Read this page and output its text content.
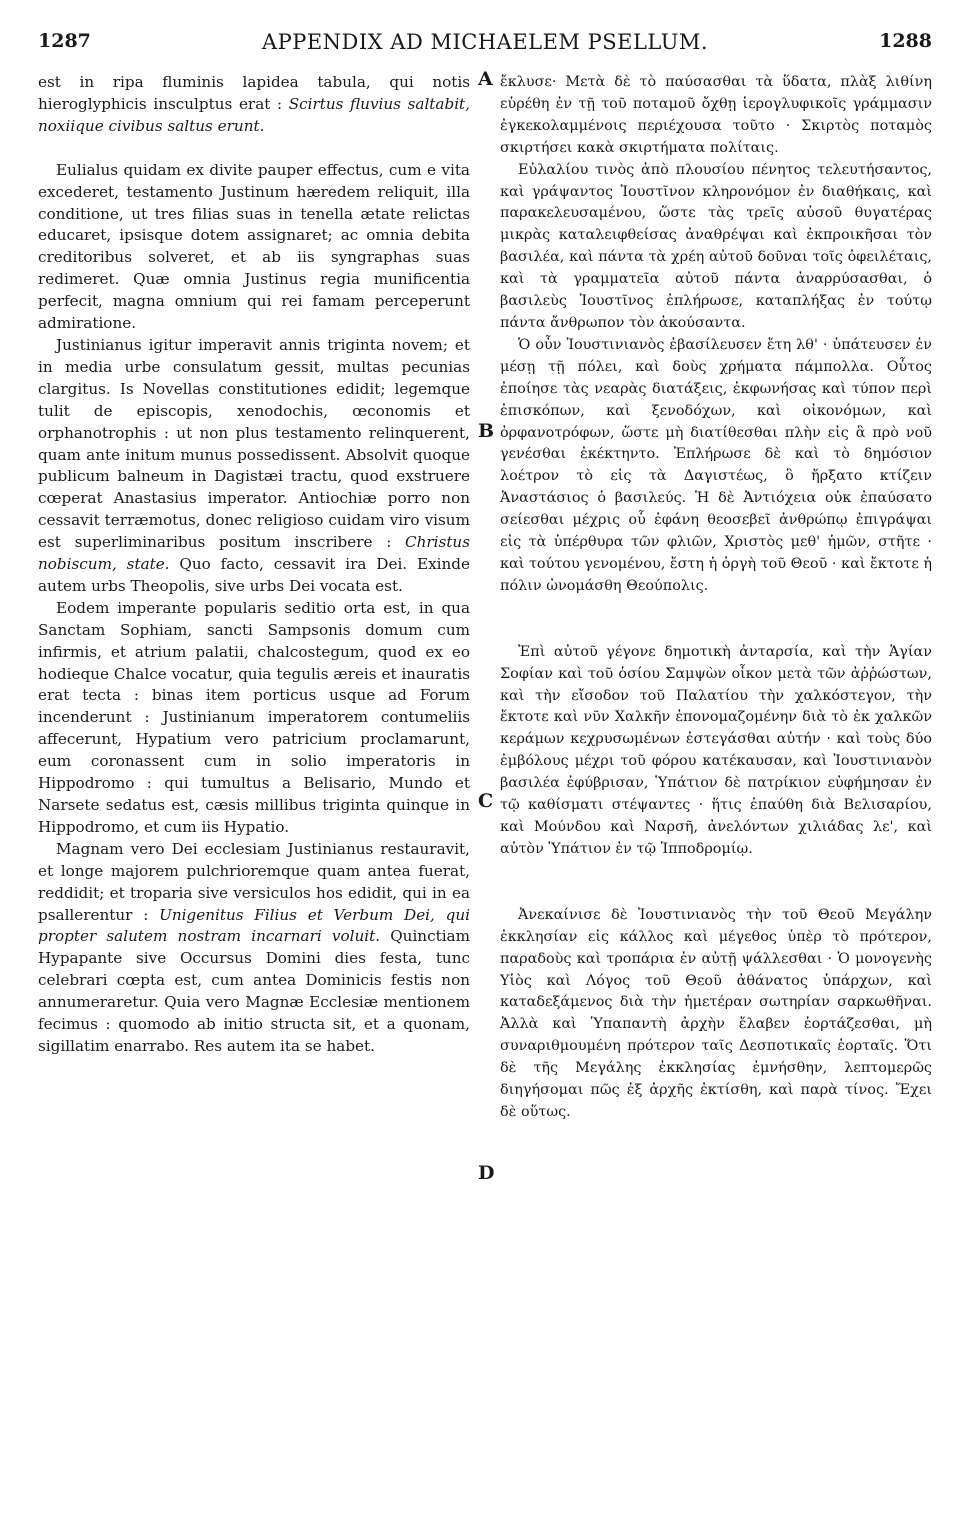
1287	APPENDIX AD MICHAELEM PSELLUM.	1288
A
B
C
D

est in ripa fluminis lapidea tabula, qui notis hieroglyphicis insculptus erat : Scirtus fluvius saltabit, noxiique civibus saltus erunt.

Eulialus quidam ex divite pauper effectus, cum e vita excederet, testamento Justinum hæredem reliquit, illa conditione, ut tres filias suas in tenella ætate relictas educaret, ipsisque dotem assignaret; ac omnia debita creditoribus solveret, et ab iis syngraphas suas redimeret. Quæ omnia Justinus regia munificentia perfecit, magna omnium qui rei famam perceperunt admiratione.

Justinianus igitur imperavit annis triginta novem; et in media urbe consulatum gessit, multas pecunias clargitus. Is Novellas constitutiones edidit; legemque tulit de episcopis, xenodochis, œconomis et orphanotrophis : ut non plus testamento relinquerent, quam ante initum munus possedissent. Absolvit quoque publicum balneum in Dagistæi tractu, quod exstruere cœperat Anastasius imperator. Antiochiæ porro non cessavit terræmotus, donec religioso cuidam viro visum est superliminaribus positum inscribere : Christus nobiscum, state. Quo facto, cessavit ira Dei. Exinde autem urbs Theopolis, sive urbs Dei vocata est.

Eodem imperante popularis seditio orta est, in qua Sanctam Sophiam, sancti Sampsonis domum cum infirmis, et atrium palatii, chalcostegum, quod ex eo hodieque Chalce vocatur, quia tegulis æreis et inauratis erat tecta : binas item porticus usque ad Forum incenderunt : Justinianum imperatorem contumeliis affecerunt, Hypatium vero patricium proclamarunt, eum coronassent cum in solio imperatoris in Hippodromo : qui tumultus a Belisario, Mundo et Narsete sedatus est, cæsis millibus triginta quinque in Hippodromo, et cum iis Hypatio.

Magnam vero Dei ecclesiam Justinianus restauravit, et longe majorem pulchrioremque quam antea fuerat, reddidit; et troparia sive versiculos hos edidit, qui in ea psallerentur : Unigenitus Filius et Verbum Dei, qui propter salutem nostram incarnari voluit. Quinctiam Hypapante sive Occursus Domini dies festa, tunc celebrari cœpta est, cum antea Dominicis festis non annumeraretur. Quia vero Magnæ Ecclesiæ mentionem fecimus : quomodo ab initio structa sit, et a quonam, sigillatim enarrabo. Res autem ita se habet.

ἔκλυσε· Μετὰ δὲ τὸ παύσασθαι τὰ ὕδατα, πλὰξ λιθίνη εὑρέθη ἐν τῇ τοῦ ποταμοῦ ὄχθῃ ἱερογλυφικοῖς γράμμασιν ἐγκεκολαμμένοις περιέχουσα τοῦτο · Σκιρτὸς ποταμὸς σκιρτήσει κακὰ σκιρτήματα πολίταις.

Εὐλαλίου τινὸς ἀπὸ πλουσίου πένητος τελευτήσαντος, καὶ γράψαντος Ἰουστῖνον κληρονόμον ἐν διαθήκαις, καὶ παρακελευσαμένου, ὥστε τὰς τρεῖς αὐσοῦ θυγατέρας μικρὰς καταλειφθείσας ἀναθρέψαι καὶ ἐκπροικῆσαι τὸν βασιλέα, καὶ πάντα τὰ χρέη αὐτοῦ δοῦναι τοῖς ὀφειλέταις, καὶ τὰ γραμματεῖα αὐτοῦ πάντα ἀναρρύσασθαι, ὁ βασιλεὺς Ἰουστῖνος ἐπλήρωσε, καταπλήξας ἐν τούτῳ πάντα ἄνθρωπον τὸν ἀκούσαντα.

Ὁ οὖν Ἰουστινιανὸς ἐβασίλευσεν ἔτη λθ' · ὑπάτευσεν ἐν μέσῃ τῇ πόλει, καὶ δοὺς χρήματα πάμπολλα. Οὗτος ἐποίησε τὰς νεαρὰς διατάξεις, ἐκφωνήσας καὶ τύπον περὶ ἐπισκόπων, καὶ ξενοδόχων, καὶ οἰκονόμων, καὶ ὀρφανοτρόφων, ὥστε μὴ διατίθεσθαι πλὴν εἰς ἃ πρὸ νοῦ γενέσθαι ἐκέκτηντο. Ἐπλήρωσε δὲ καὶ τὸ δημόσιον λοέτρον τὸ εἰς τὰ Δαγιστέως, ὃ ἤρξατο κτίζειν Ἀναστάσιος ὁ βασιλεύς. Ἡ δὲ Ἀντιόχεια οὐκ ἐπαύσατο σείεσθαι μέχρις οὗ ἐφάνη θεοσεβεῖ ἀνθρώπῳ ἐπιγράψαι εἰς τὰ ὑπέρθυρα τῶν φλιῶν, Χριστὸς μεθ' ἡμῶν, στῆτε · καὶ τούτου γενομένου, ἔστη ἡ ὀργὴ τοῦ Θεοῦ · καὶ ἔκτοτε ἡ πόλιν ὠνομάσθη Θεούπολις.

Ἐπὶ αὐτοῦ γέγονε δημοτικὴ ἀνταρσία, καὶ τὴν Ἁγίαν Σοφίαν καὶ τοῦ ὁσίου Σαμψὼν οἶκον μετὰ τῶν ἀῤῥώστων, καὶ τὴν εἴσοδον τοῦ Παλατίου τὴν χαλκόστεγον, τὴν ἔκτοτε καὶ νῦν Χαλκῆν ἐπονομαζομένην διὰ τὸ ἐκ χαλκῶν κεράμων κεχρυσωμένων ἐστεγάσθαι αὐτήν · καὶ τοὺς δύο ἐμβόλους μέχρι τοῦ φόρου κατέκαυσαν, καὶ Ἰουστινιανὸν βασιλέα ἐφύβρισαν, Ὑπάτιον δὲ πατρίκιον εὐφήμησαν ἐν τῷ καθίσματι στέψαντες · ἥτις ἐπαύθη διὰ Βελισαρίου, καὶ Μούνδου καὶ Ναρσῆ, ἀνελόντων χιλιάδας λε', καὶ αὐτὸν Ὑπάτιον ἐν τῷ Ἱπποδρομίῳ.

Ἀνεκαίνισε δὲ Ἰουστινιανὸς τὴν τοῦ Θεοῦ Μεγάλην ἐκκλησίαν εἰς κάλλος καὶ μέγεθος ὑπὲρ τὸ πρότερον, παραδοὺς καὶ τροπάρια ἐν αὐτῇ ψάλλεσθαι · Ὁ μονογενὴς Υἱὸς καὶ Λόγος τοῦ Θεοῦ ἀθάνατος ὑπάρχων, καὶ καταδεξάμενος διὰ τὴν ἡμετέραν σωτηρίαν σαρκωθῆναι. Ἀλλὰ καὶ Ὑπαπαντὴ ἀρχὴν ἔλαβεν ἑορτάζεσθαι, μὴ συναριθμουμένη πρότερον ταῖς Δεσποτικαῖς ἑορταῖς. Ὅτι δὲ τῆς Μεγάλης ἐκκλησίας ἐμνήσθην, λεπτομερῶς διηγήσομαι πῶς ἐξ ἀρχῆς ἐκτίσθη, καὶ παρὰ τίνος. Ἔχει δὲ οὕτως.
